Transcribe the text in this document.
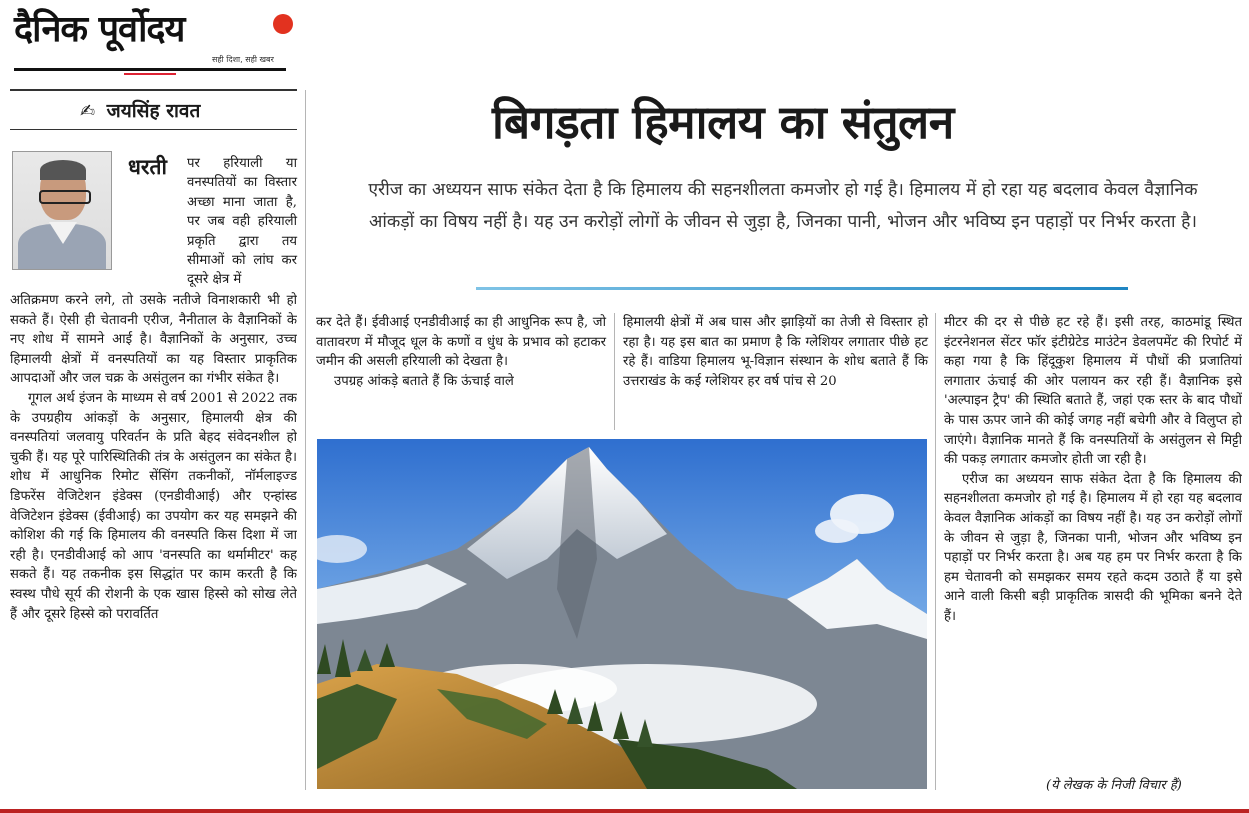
दैनिक पूर्वोदय
सही दिशा, सही खबर
✍ जयसिंह रावत
धरती पर हरियाली या वनस्पतियों का विस्तार अच्छा माना जाता है, पर जब वही हरियाली प्रकृति द्वारा तय सीमाओं को लांघ कर दूसरे क्षेत्र में

अतिक्रमण करने लगे, तो उसके नतीजे विनाशकारी भी हो सकते हैं। ऐसी ही चेतावनी एरीज, नैनीताल के वैज्ञानिकों के नए शोध में सामने आई है। वैज्ञानिकों के अनुसार, उच्च हिमालयी क्षेत्रों में वनस्पतियों का यह विस्तार प्राकृतिक आपदाओं और जल चक्र के असंतुलन का गंभीर संकेत है।

गूगल अर्थ इंजन के माध्यम से वर्ष 2001 से 2022 तक के उपग्रहीय आंकड़ों के अनुसार, हिमालयी क्षेत्र की वनस्पतियां जलवायु परिवर्तन के प्रति बेहद संवेदनशील हो चुकी हैं। यह पूरे पारिस्थितिकी तंत्र के असंतुलन का संकेत है। शोध में आधुनिक रिमोट सेंसिंग तकनीकों, नॉर्मलाइज्ड डिफरेंस वेजिटेशन इंडेक्स (एनडीवीआई) और एन्हांस्ड वेजिटेशन इंडेक्स (ईवीआई) का उपयोग कर यह समझने की कोशिश की गई कि हिमालय की वनस्पति किस दिशा में जा रही है। एनडीवीआई को आप 'वनस्पति का थर्मामीटर' कह सकते हैं। यह तकनीक इस सिद्धांत पर काम करती है कि स्वस्थ पौधे सूर्य की रोशनी के एक खास हिस्से को सोख लेते हैं और दूसरे हिस्से को परावर्तित

बिगड़ता हिमालय का संतुलन
एरीज का अध्ययन साफ संकेत देता है कि हिमालय की सहनशीलता कमजोर हो गई है। हिमालय में हो रहा यह बदलाव केवल वैज्ञानिक आंकड़ों का विषय नहीं है। यह उन करोड़ों लोगों के जीवन से जुड़ा है, जिनका पानी, भोजन और भविष्य इन पहाड़ों पर निर्भर करता है।

कर देते हैं। ईवीआई एनडीवीआई का ही आधुनिक रूप है, जो वातावरण में मौजूद धूल के कणों व धुंध के प्रभाव को हटाकर जमीन की असली हरियाली को देखता है।

उपग्रह आंकड़े बताते हैं कि ऊंचाई वाले

हिमालयी क्षेत्रों में अब घास और झाड़ियों का तेजी से विस्तार हो रहा है। यह इस बात का प्रमाण है कि ग्लेशियर लगातार पीछे हट रहे हैं। वाडिया हिमालय भू-विज्ञान संस्थान के शोध बताते हैं कि उत्तराखंड के कई ग्लेशियर हर वर्ष पांच से 20

मीटर की दर से पीछे हट रहे हैं। इसी तरह, काठमांडू स्थित इंटरनेशनल सेंटर फॉर इंटीग्रेटेड माउंटेन डेवलपमेंट की रिपोर्ट में कहा गया है कि हिंदूकुश हिमालय में पौधों की प्रजातियां लगातार ऊंचाई की ओर पलायन कर रही हैं। वैज्ञानिक इसे 'अल्पाइन ट्रैप' की स्थिति बताते हैं, जहां एक स्तर के बाद पौधों के पास ऊपर जाने की कोई जगह नहीं बचेगी और वे विलुप्त हो जाएंगे। वैज्ञानिक मानते हैं कि वनस्पतियों के असंतुलन से मिट्टी की पकड़ लगातार कमजोर होती जा रही है।

एरीज का अध्ययन साफ संकेत देता है कि हिमालय की सहनशीलता कमजोर हो गई है। हिमालय में हो रहा यह बदलाव केवल वैज्ञानिक आंकड़ों का विषय नहीं है। यह उन करोड़ों लोगों के जीवन से जुड़ा है, जिनका पानी, भोजन और भविष्य इन पहाड़ों पर निर्भर करता है। अब यह हम पर निर्भर करता है कि हम चेतावनी को समझकर समय रहते कदम उठाते हैं या इसे आने वाली किसी बड़ी प्राकृतिक त्रासदी की भूमिका बनने देते हैं।

(ये लेखक के निजी विचार हैं)
